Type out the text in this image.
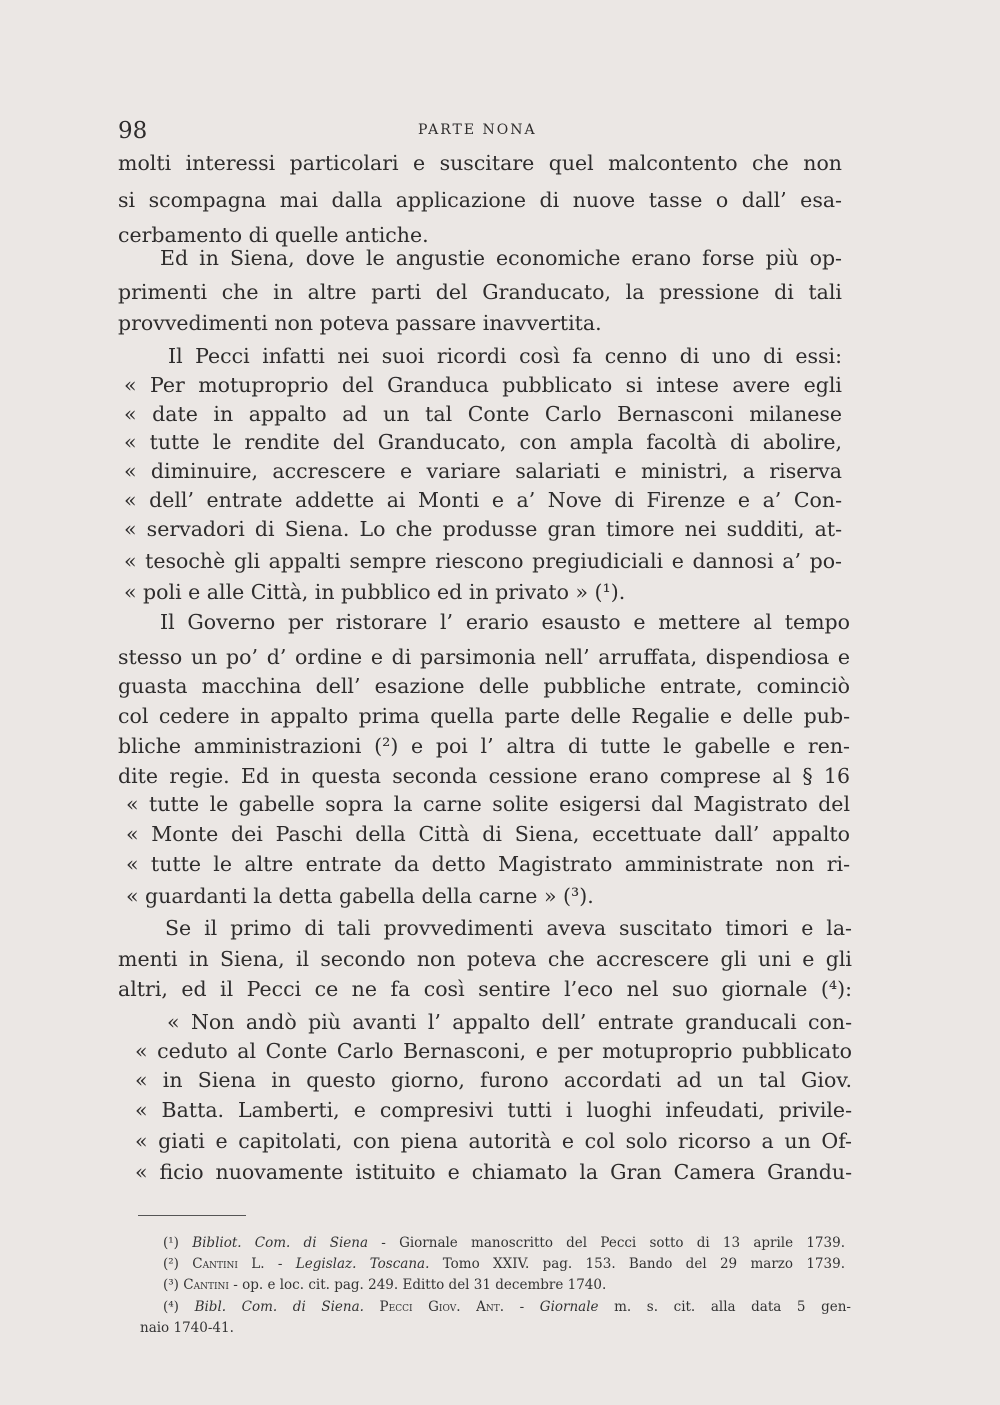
98	PARTE NONA
molti interessi particolari e suscitare quel malcontento che non
si scompagna mai dalla applicazione di nuove tasse o dall’ esa-
cerbamento di quelle antiche.
Ed in Siena, dove le angustie economiche erano forse più op-
primenti che in altre parti del Granducato, la pressione di tali
provvedimenti non poteva passare inavvertita.
Il Pecci infatti nei suoi ricordi così fa cenno di uno di essi:
« Per motuproprio del Granduca pubblicato si intese avere egli
« date in appalto ad un tal Conte Carlo Bernasconi milanese
« tutte le rendite del Granducato, con ampla facoltà di abolire,
« diminuire, accrescere e variare salariati e ministri, a riserva
« dell’ entrate addette ai Monti e a’ Nove di Firenze e a’ Con-
« servadori di Siena. Lo che produsse gran timore nei sudditi, at-
« tesochè gli appalti sempre riescono pregiudiciali e dannosi a’ po-
« poli e alle Città, in pubblico ed in privato » (¹).
Il Governo per ristorare l’ erario esausto e mettere al tempo
stesso un po’ d’ ordine e di parsimonia nell’ arruffata, dispendiosa e
guasta macchina dell’ esazione delle pubbliche entrate, cominciò
col cedere in appalto prima quella parte delle Regalie e delle pub-
bliche amministrazioni (²) e poi l’ altra di tutte le gabelle e ren-
dite regie. Ed in questa seconda cessione erano comprese al § 16
« tutte le gabelle sopra la carne solite esigersi dal Magistrato del
« Monte dei Paschi della Città di Siena, eccettuate dall’ appalto
« tutte le altre entrate da detto Magistrato amministrate non ri-
« guardanti la detta gabella della carne » (³).
Se il primo di tali provvedimenti aveva suscitato timori e la-
menti in Siena, il secondo non poteva che accrescere gli uni e gli
altri, ed il Pecci ce ne fa così sentire l’eco nel suo giornale (⁴):
« Non andò più avanti l’ appalto dell’ entrate granducali con-
« ceduto al Conte Carlo Bernasconi, e per motuproprio pubblicato
« in Siena in questo giorno, furono accordati ad un tal Giov.
« Batta. Lamberti, e compresivi tutti i luoghi infeudati, privile-
« giati e capitolati, con piena autorità e col solo ricorso a un Of-
« ficio nuovamente istituito e chiamato la Gran Camera Grandu-
(¹) Bibliot. Com. di Siena - Giornale manoscritto del Pecci sotto di 13 aprile 1739.
(²) Cantini L. - Legislaz. Toscana. Tomo XXIV. pag. 153. Bando del 29 marzo 1739.
(³) Cantini - op. e loc. cit. pag. 249. Editto del 31 decembre 1740.
(⁴) Bibl. Com. di Siena. Pecci Giov. Ant. - Giornale m. s. cit. alla data 5 gen-
naio 1740-41.
